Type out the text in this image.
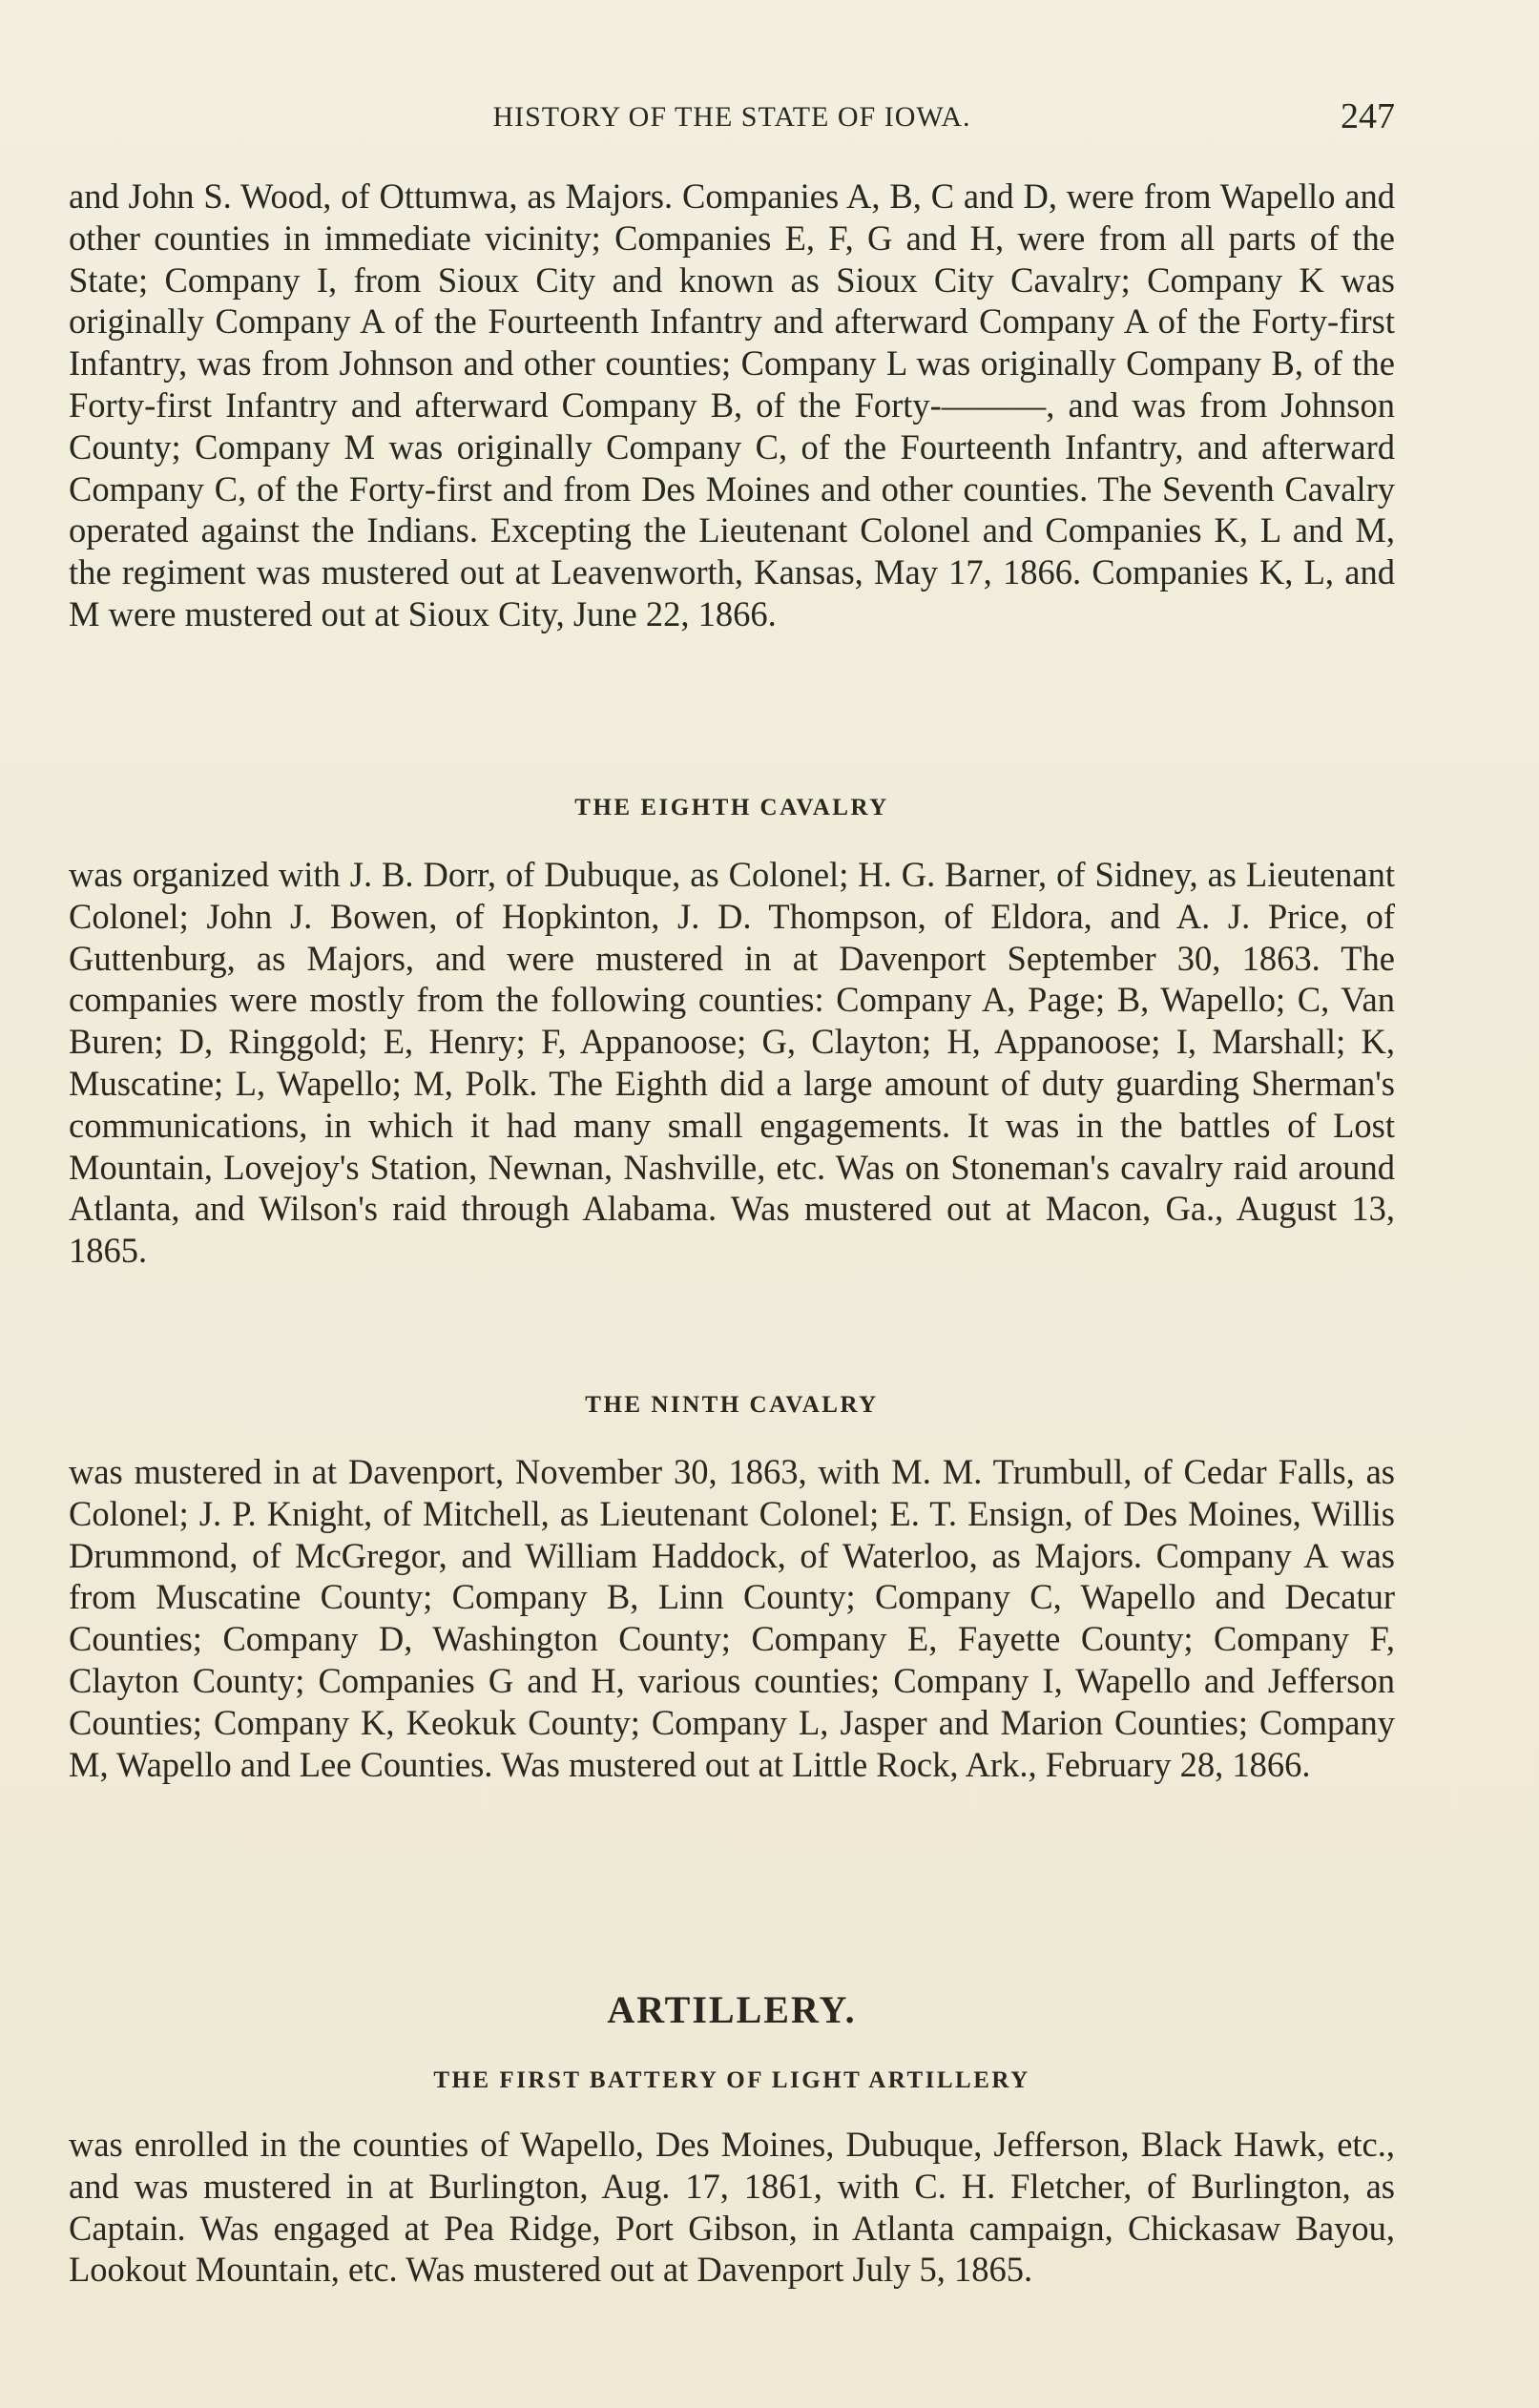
HISTORY OF THE STATE OF IOWA.	247

and John S. Wood, of Ottumwa, as Majors. Companies A, B, C and D, were from Wapello and other counties in immediate vicinity; Companies E, F, G and H, were from all parts of the State; Company I, from Sioux City and known as Sioux City Cavalry; Company K was originally Company A of the Fourteenth Infantry and afterward Company A of the Forty-first Infantry, was from Johnson and other counties; Company L was originally Company B, of the Forty-first Infantry and afterward Company B, of the Forty-———, and was from Johnson County; Company M was originally Company C, of the Fourteenth Infantry, and afterward Company C, of the Forty-first and from Des Moines and other counties. The Seventh Cavalry operated against the Indians. Excepting the Lieutenant Colonel and Companies K, L and M, the regiment was mustered out at Leavenworth, Kansas, May 17, 1866. Companies K, L, and M were mustered out at Sioux City, June 22, 1866.

THE EIGHTH CAVALRY

was organized with J. B. Dorr, of Dubuque, as Colonel; H. G. Barner, of Sidney, as Lieutenant Colonel; John J. Bowen, of Hopkinton, J. D. Thompson, of Eldora, and A. J. Price, of Guttenburg, as Majors, and were mustered in at Davenport September 30, 1863. The companies were mostly from the following counties: Company A, Page; B, Wapello; C, Van Buren; D, Ringgold; E, Henry; F, Appanoose; G, Clayton; H, Appanoose; I, Marshall; K, Muscatine; L, Wapello; M, Polk. The Eighth did a large amount of duty guarding Sherman's communications, in which it had many small engagements. It was in the battles of Lost Mountain, Lovejoy's Station, Newnan, Nashville, etc. Was on Stoneman's cavalry raid around Atlanta, and Wilson's raid through Alabama. Was mustered out at Macon, Ga., August 13, 1865.

THE NINTH CAVALRY

was mustered in at Davenport, November 30, 1863, with M. M. Trumbull, of Cedar Falls, as Colonel; J. P. Knight, of Mitchell, as Lieutenant Colonel; E. T. Ensign, of Des Moines, Willis Drummond, of McGregor, and William Haddock, of Waterloo, as Majors. Company A was from Muscatine County; Company B, Linn County; Company C, Wapello and Decatur Counties; Company D, Washington County; Company E, Fayette County; Company F, Clayton County; Companies G and H, various counties; Company I, Wapello and Jefferson Counties; Company K, Keokuk County; Company L, Jasper and Marion Counties; Company M, Wapello and Lee Counties. Was mustered out at Little Rock, Ark., February 28, 1866.

ARTILLERY.
THE FIRST BATTERY OF LIGHT ARTILLERY

was enrolled in the counties of Wapello, Des Moines, Dubuque, Jefferson, Black Hawk, etc., and was mustered in at Burlington, Aug. 17, 1861, with C. H. Fletcher, of Burlington, as Captain. Was engaged at Pea Ridge, Port Gibson, in Atlanta campaign, Chickasaw Bayou, Lookout Mountain, etc. Was mustered out at Davenport July 5, 1865.
